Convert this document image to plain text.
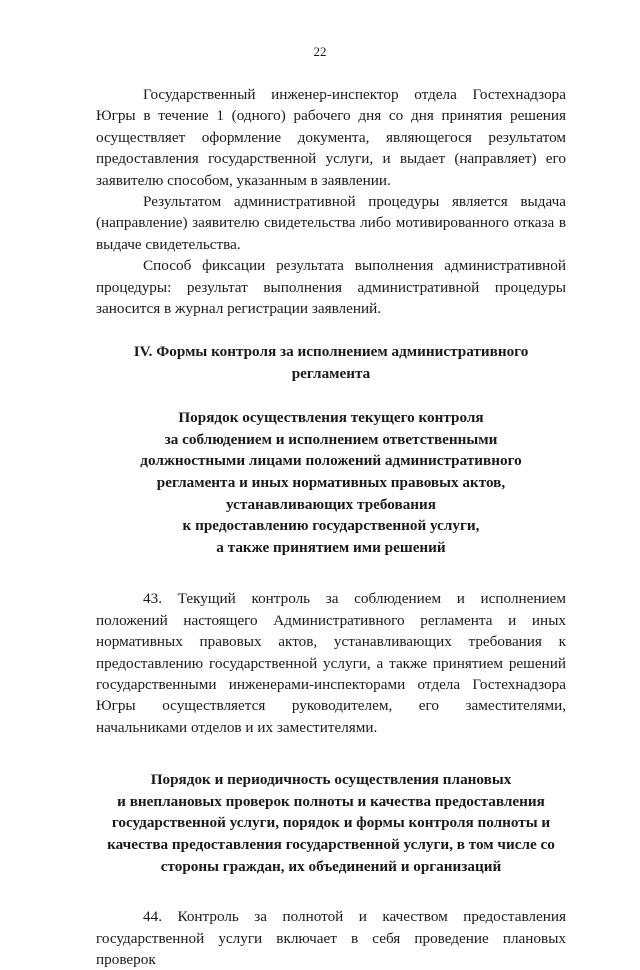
22

Государственный инженер-инспектор отдела Гостехнадзора Югры в течение 1 (одного) рабочего дня со дня принятия решения осуществляет оформление документа, являющегося результатом предоставления государственной услуги, и выдает (направляет) его заявителю способом, указанным в заявлении.

Результатом административной процедуры является выдача (направление) заявителю свидетельства либо мотивированного отказа в выдаче свидетельства.

Способ фиксации результата выполнения административной процедуры: результат выполнения административной процедуры заносится в журнал регистрации заявлений.

IV. Формы контроля за исполнением административного регламента

Порядок осуществления текущего контроля

за соблюдением и исполнением ответственными

должностными лицами положений административного

регламента и иных нормативных правовых актов,

устанавливающих требования

к предоставлению государственной услуги,

а также принятием ими решений

43. Текущий контроль за соблюдением и исполнением положений настоящего Административного регламента и иных нормативных правовых актов, устанавливающих требования к предоставлению государственной услуги, а также принятием решений государственными инженерами-инспекторами отдела Гостехнадзора Югры осуществляется руководителем, его заместителями, начальниками отделов и их заместителями.

Порядок и периодичность осуществления плановых

и внеплановых проверок полноты и качества предоставления

государственной услуги, порядок и формы контроля полноты и

качества предоставления государственной услуги, в том числе со

стороны граждан, их объединений и организаций

44. Контроль за полнотой и качеством предоставления государственной услуги включает в себя проведение плановых проверок
